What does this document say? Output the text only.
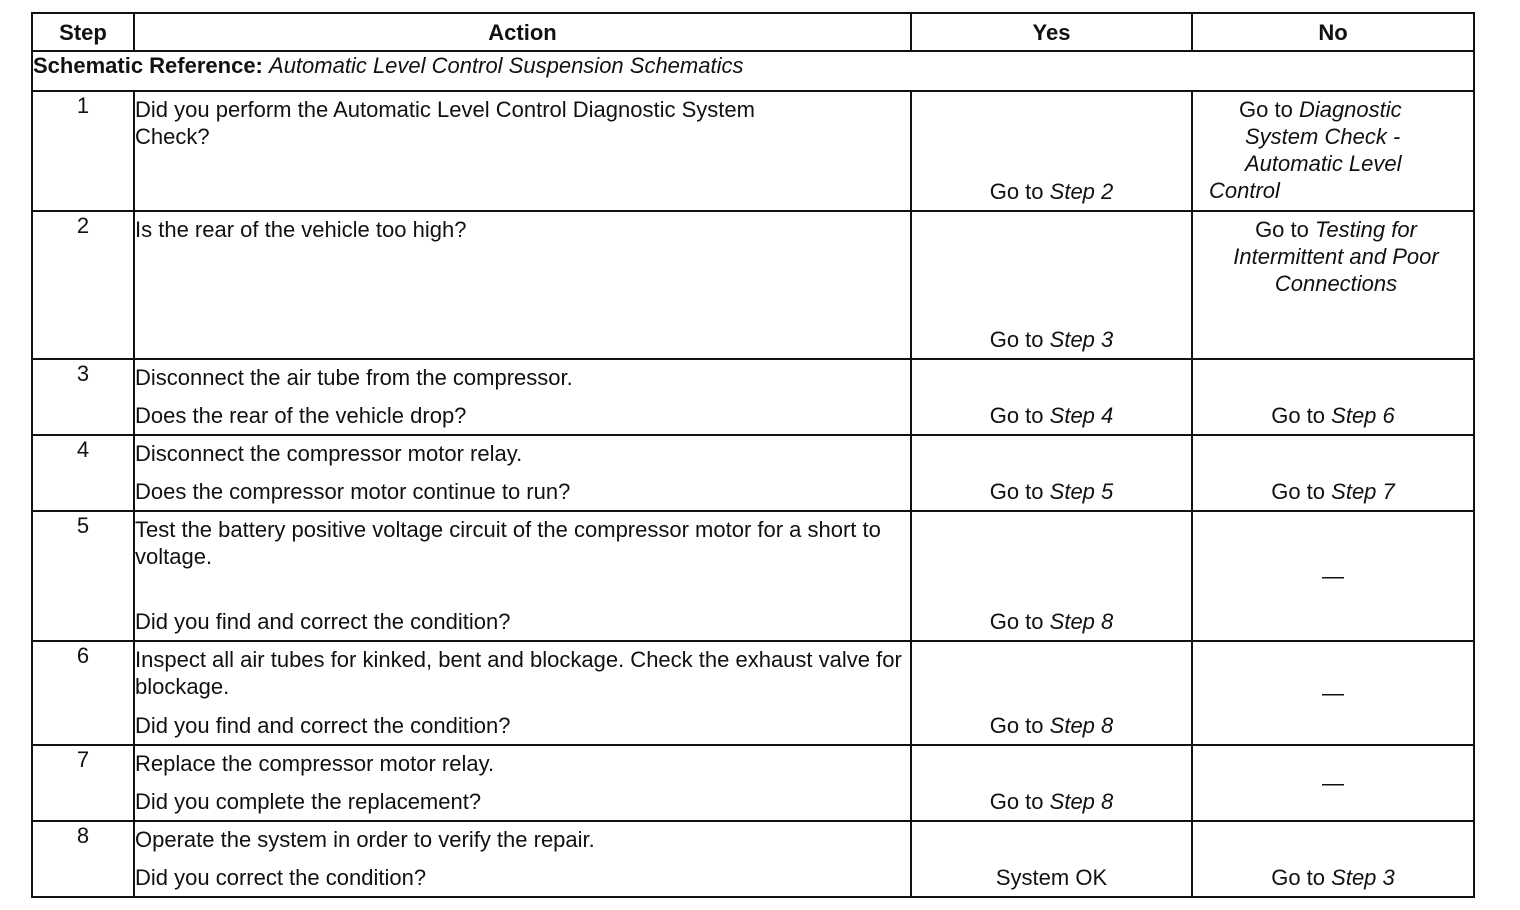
Step	Action	Yes	No
Schematic Reference: Automatic Level Control Suspension Schematics			
1	Did you perform the Automatic Level Control Diagnostic System Check?	Go to Step 2	Go to Diagnostic
System Check -
Automatic Level
Control

2	Is the rear of the vehicle too high?	Go to Step 3	Go to Testing for Intermittent and Poor Connections

3	Disconnect the air tube from the compressor.
Does the rear of the vehicle drop?	Go to Step 4	Go to Step 6

4	Disconnect the compressor motor relay.
Does the compressor motor continue to run?	Go to Step 5	Go to Step 7

5	Test the battery positive voltage circuit of the compressor motor for a short to voltage.
Did you find and correct the condition?	Go to Step 8	—

6	Inspect all air tubes for kinked, bent and blockage. Check the exhaust valve for blockage.
Did you find and correct the condition?	Go to Step 8	—

7	Replace the compressor motor relay.
Did you complete the replacement?	Go to Step 8	—

8	Operate the system in order to verify the repair.
Did you correct the condition?	System OK	Go to Step 3
